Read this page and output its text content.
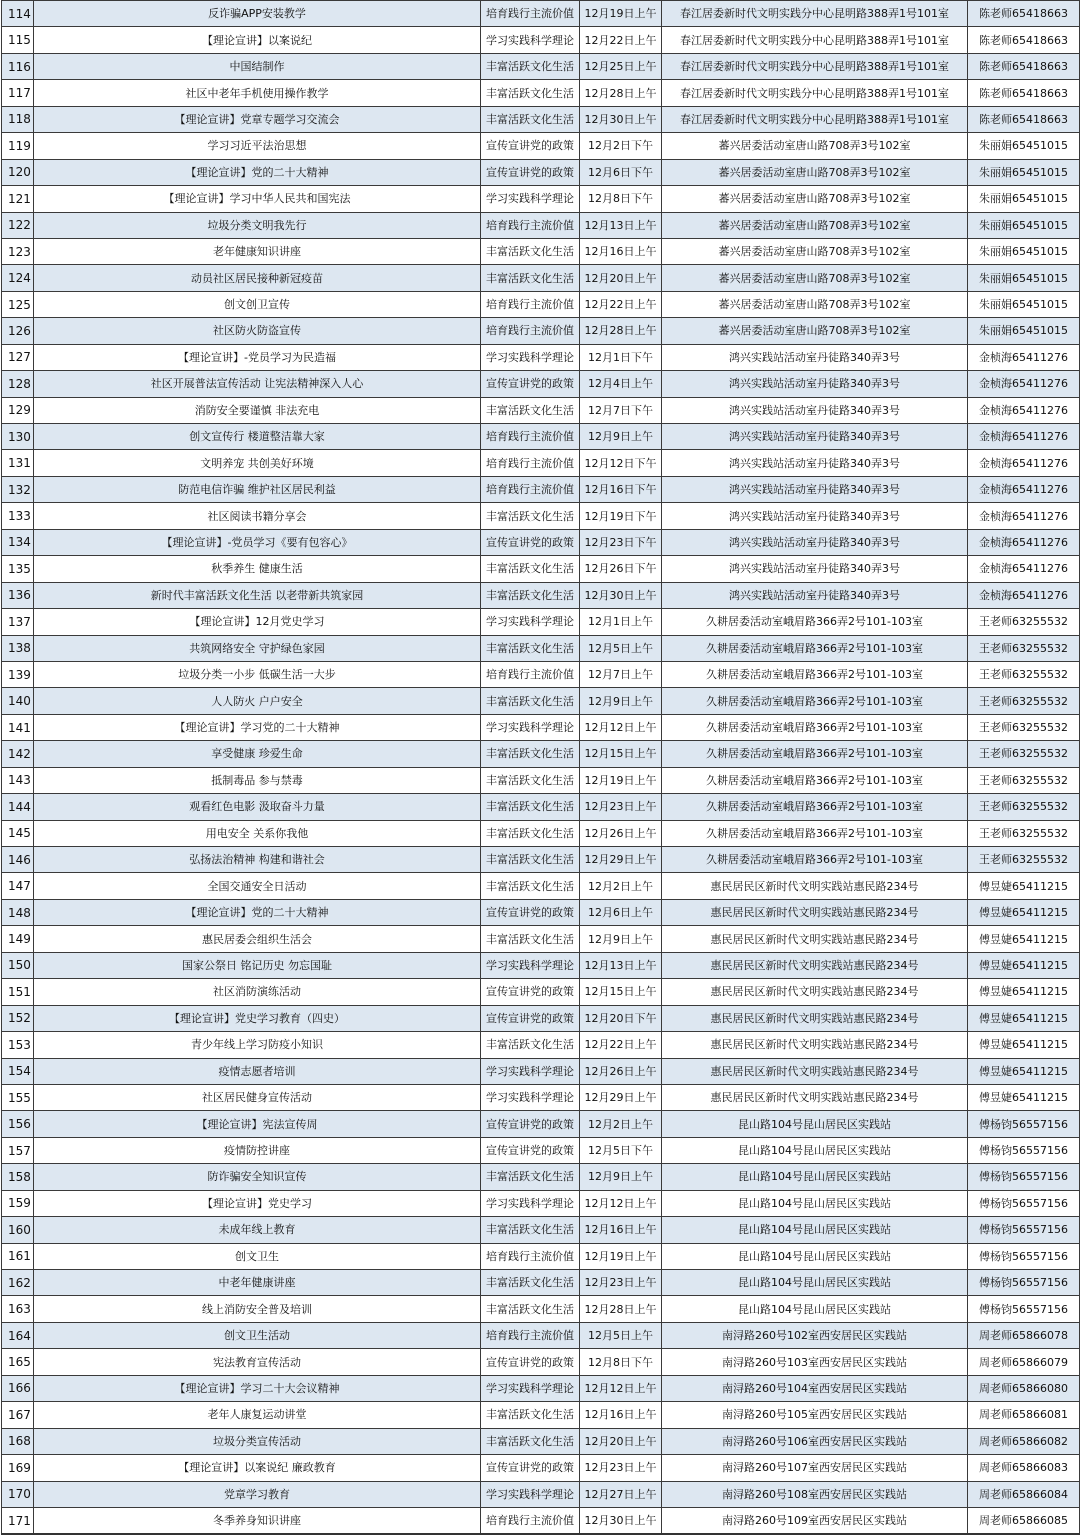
114	反诈骗APP安装教学	培育践行主流价值	12月19日上午	春江居委新时代文明实践分中心昆明路388弄1号101室	陈老师65418663
115	【理论宣讲】以案说纪	学习实践科学理论	12月22日上午	春江居委新时代文明实践分中心昆明路388弄1号101室	陈老师65418663
116	中国结制作	丰富活跃文化生活	12月25日上午	春江居委新时代文明实践分中心昆明路388弄1号101室	陈老师65418663
117	社区中老年手机使用操作教学	丰富活跃文化生活	12月28日上午	春江居委新时代文明实践分中心昆明路388弄1号101室	陈老师65418663
118	【理论宣讲】党章专题学习交流会	丰富活跃文化生活	12月30日上午	春江居委新时代文明实践分中心昆明路388弄1号101室	陈老师65418663
119	学习习近平法治思想	宣传宣讲党的政策	12月2日下午	蕃兴居委活动室唐山路708弄3号102室	朱丽娟65451015
120	【理论宣讲】党的二十大精神	宣传宣讲党的政策	12月6日下午	蕃兴居委活动室唐山路708弄3号102室	朱丽娟65451015
121	【理论宣讲】学习中华人民共和国宪法	学习实践科学理论	12月8日下午	蕃兴居委活动室唐山路708弄3号102室	朱丽娟65451015
122	垃圾分类文明我先行	培育践行主流价值	12月13日上午	蕃兴居委活动室唐山路708弄3号102室	朱丽娟65451015
123	老年健康知识讲座	丰富活跃文化生活	12月16日上午	蕃兴居委活动室唐山路708弄3号102室	朱丽娟65451015
124	动员社区居民接种新冠疫苗	丰富活跃文化生活	12月20日上午	蕃兴居委活动室唐山路708弄3号102室	朱丽娟65451015
125	创文创卫宣传	培育践行主流价值	12月22日上午	蕃兴居委活动室唐山路708弄3号102室	朱丽娟65451015
126	社区防火防盗宣传	培育践行主流价值	12月28日上午	蕃兴居委活动室唐山路708弄3号102室	朱丽娟65451015
127	【理论宣讲】-党员学习为民造福	学习实践科学理论	12月1日下午	鸿兴实践站活动室丹徒路340弄3号	金桢海65411276
128	社区开展普法宣传活动 让宪法精神深入人心	宣传宣讲党的政策	12月4日上午	鸿兴实践站活动室丹徒路340弄3号	金桢海65411276
129	消防安全要谨慎 非法充电	丰富活跃文化生活	12月7日下午	鸿兴实践站活动室丹徒路340弄3号	金桢海65411276
130	创文宣传行 楼道整洁靠大家	培育践行主流价值	12月9日上午	鸿兴实践站活动室丹徒路340弄3号	金桢海65411276
131	文明养宠 共创美好环境	培育践行主流价值	12月12日下午	鸿兴实践站活动室丹徒路340弄3号	金桢海65411276
132	防范电信诈骗 维护社区居民利益	培育践行主流价值	12月16日下午	鸿兴实践站活动室丹徒路340弄3号	金桢海65411276
133	社区阅读书籍分享会	丰富活跃文化生活	12月19日下午	鸿兴实践站活动室丹徒路340弄3号	金桢海65411276
134	【理论宣讲】-党员学习《要有包容心》	宣传宣讲党的政策	12月23日下午	鸿兴实践站活动室丹徒路340弄3号	金桢海65411276
135	秋季养生 健康生活	丰富活跃文化生活	12月26日下午	鸿兴实践站活动室丹徒路340弄3号	金桢海65411276
136	新时代丰富活跃文化生活 以老带新共筑家园	丰富活跃文化生活	12月30日上午	鸿兴实践站活动室丹徒路340弄3号	金桢海65411276
137	【理论宣讲】12月党史学习	学习实践科学理论	12月1日上午	久耕居委活动室峨眉路366弄2号101-103室	王老师63255532
138	共筑网络安全 守护绿色家园	丰富活跃文化生活	12月5日上午	久耕居委活动室峨眉路366弄2号101-103室	王老师63255532
139	垃圾分类一小步 低碳生活一大步	培育践行主流价值	12月7日上午	久耕居委活动室峨眉路366弄2号101-103室	王老师63255532
140	人人防火 户户安全	丰富活跃文化生活	12月9日上午	久耕居委活动室峨眉路366弄2号101-103室	王老师63255532
141	【理论宣讲】学习党的二十大精神	学习实践科学理论	12月12日上午	久耕居委活动室峨眉路366弄2号101-103室	王老师63255532
142	享受健康 珍爱生命	丰富活跃文化生活	12月15日上午	久耕居委活动室峨眉路366弄2号101-103室	王老师63255532
143	抵制毒品 参与禁毒	丰富活跃文化生活	12月19日上午	久耕居委活动室峨眉路366弄2号101-103室	王老师63255532
144	观看红色电影 汲取奋斗力量	丰富活跃文化生活	12月23日上午	久耕居委活动室峨眉路366弄2号101-103室	王老师63255532
145	用电安全 关系你我他	丰富活跃文化生活	12月26日上午	久耕居委活动室峨眉路366弄2号101-103室	王老师63255532
146	弘扬法治精神 构建和谐社会	丰富活跃文化生活	12月29日上午	久耕居委活动室峨眉路366弄2号101-103室	王老师63255532
147	全国交通安全日活动	丰富活跃文化生活	12月2日上午	惠民居民区新时代文明实践站惠民路234号	傅昱婕65411215
148	【理论宣讲】党的二十大精神	宣传宣讲党的政策	12月6日上午	惠民居民区新时代文明实践站惠民路234号	傅昱婕65411215
149	惠民居委会组织生活会	丰富活跃文化生活	12月9日上午	惠民居民区新时代文明实践站惠民路234号	傅昱婕65411215
150	国家公祭日 铭记历史 勿忘国耻	学习实践科学理论	12月13日上午	惠民居民区新时代文明实践站惠民路234号	傅昱婕65411215
151	社区消防演练活动	宣传宣讲党的政策	12月15日上午	惠民居民区新时代文明实践站惠民路234号	傅昱婕65411215
152	【理论宣讲】党史学习教育（四史）	宣传宣讲党的政策	12月20日下午	惠民居民区新时代文明实践站惠民路234号	傅昱婕65411215
153	青少年线上学习防疫小知识	丰富活跃文化生活	12月22日上午	惠民居民区新时代文明实践站惠民路234号	傅昱婕65411215
154	疫情志愿者培训	学习实践科学理论	12月26日上午	惠民居民区新时代文明实践站惠民路234号	傅昱婕65411215
155	社区居民健身宣传活动	学习实践科学理论	12月29日上午	惠民居民区新时代文明实践站惠民路234号	傅昱婕65411215
156	【理论宣讲】宪法宣传周	宣传宣讲党的政策	12月2日上午	昆山路104号昆山居民区实践站	傅杨钧56557156
157	疫情防控讲座	宣传宣讲党的政策	12月5日下午	昆山路104号昆山居民区实践站	傅杨钧56557156
158	防诈骗安全知识宣传	丰富活跃文化生活	12月9日上午	昆山路104号昆山居民区实践站	傅杨钧56557156
159	【理论宣讲】党史学习	学习实践科学理论	12月12日上午	昆山路104号昆山居民区实践站	傅杨钧56557156
160	未成年线上教育	丰富活跃文化生活	12月16日上午	昆山路104号昆山居民区实践站	傅杨钧56557156
161	创文卫生	培育践行主流价值	12月19日上午	昆山路104号昆山居民区实践站	傅杨钧56557156
162	中老年健康讲座	丰富活跃文化生活	12月23日上午	昆山路104号昆山居民区实践站	傅杨钧56557156
163	线上消防安全普及培训	丰富活跃文化生活	12月28日上午	昆山路104号昆山居民区实践站	傅杨钧56557156
164	创文卫生活动	培育践行主流价值	12月5日上午	南浔路260号102室西安居民区实践站	周老师65866078
165	宪法教育宣传活动	宣传宣讲党的政策	12月8日下午	南浔路260号103室西安居民区实践站	周老师65866079
166	【理论宣讲】学习二十大会议精神	学习实践科学理论	12月12日上午	南浔路260号104室西安居民区实践站	周老师65866080
167	老年人康复运动讲堂	丰富活跃文化生活	12月16日上午	南浔路260号105室西安居民区实践站	周老师65866081
168	垃圾分类宣传活动	丰富活跃文化生活	12月20日上午	南浔路260号106室西安居民区实践站	周老师65866082
169	【理论宣讲】以案说纪 廉政教育	宣传宣讲党的政策	12月23日上午	南浔路260号107室西安居民区实践站	周老师65866083
170	党章学习教育	学习实践科学理论	12月27日上午	南浔路260号108室西安居民区实践站	周老师65866084
171	冬季养身知识讲座	培育践行主流价值	12月30日上午	南浔路260号109室西安居民区实践站	周老师65866085
